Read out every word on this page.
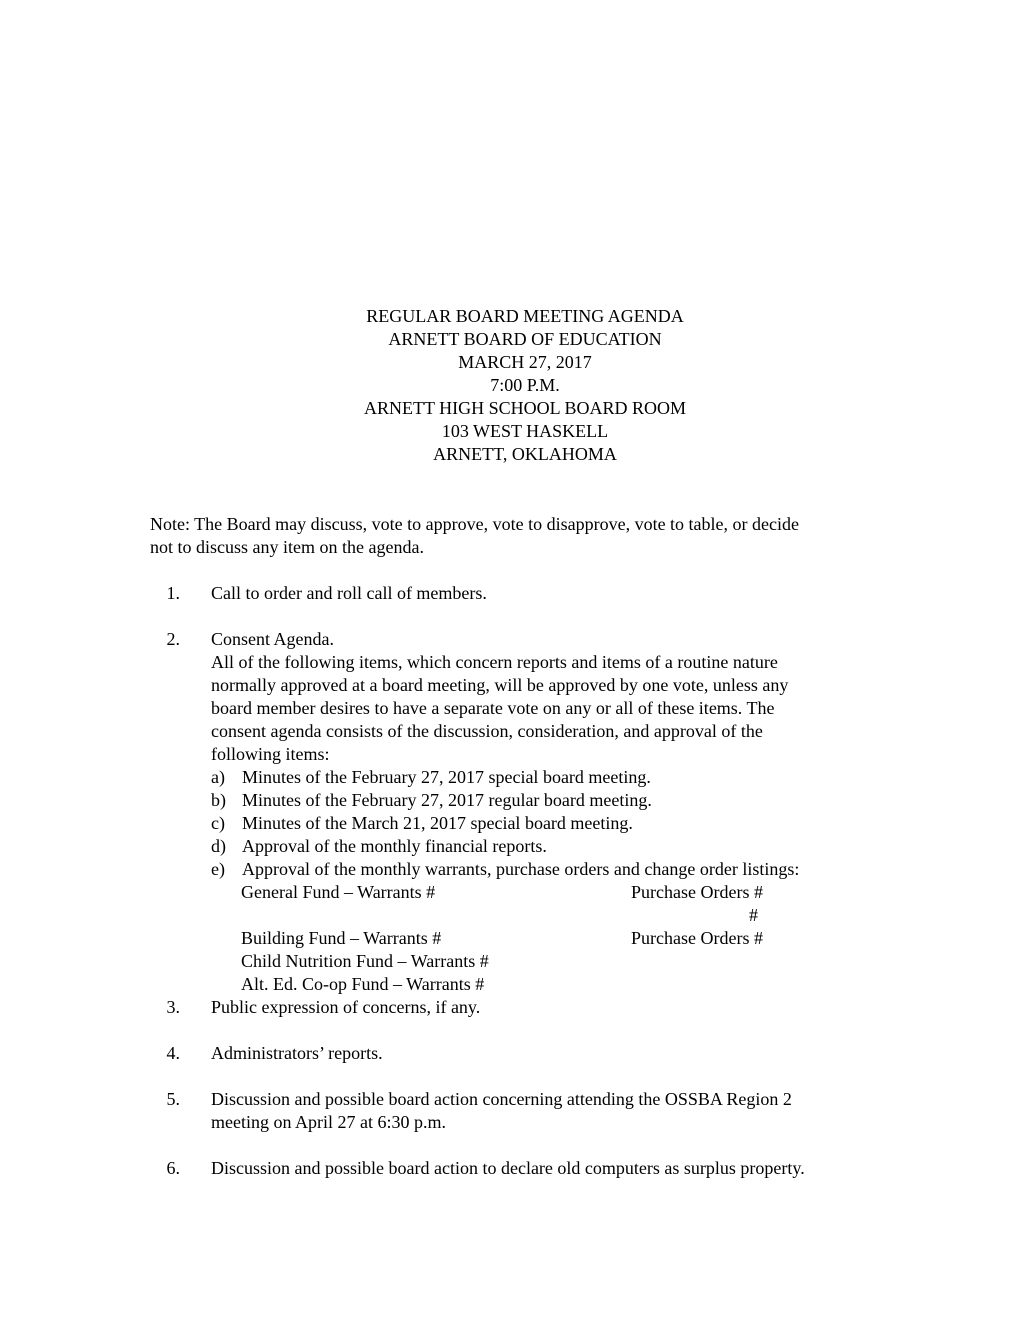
REGULAR BOARD MEETING AGENDA
ARNETT BOARD OF EDUCATION
MARCH 27, 2017
7:00 P.M.
ARNETT HIGH SCHOOL BOARD ROOM
103 WEST HASKELL
ARNETT, OKLAHOMA
Note: The Board may discuss, vote to approve, vote to disapprove, vote to table, or decide
not to discuss any item on the agenda.
1. Call to order and roll call of members.
2. Consent Agenda.
All of the following items, which concern reports and items of a routine nature
normally approved at a board meeting, will be approved by one vote, unless any
board member desires to have a separate vote on any or all of these items. The
consent agenda consists of the discussion, consideration, and approval of the
following items:
a) Minutes of the February 27, 2017 special board meeting.
b) Minutes of the February 27, 2017 regular board meeting.
c) Minutes of the March 21, 2017 special board meeting.
d) Approval of the monthly financial reports.
e) Approval of the monthly warrants, purchase orders and change order listings:
General Fund – Warrants #	Purchase Orders #
#
Building Fund – Warrants #	Purchase Orders #
Child Nutrition Fund – Warrants #
Alt. Ed. Co-op Fund – Warrants #
3. Public expression of concerns, if any.
4. Administrators’ reports.
5. Discussion and possible board action concerning attending the OSSBA Region 2
meeting on April 27 at 6:30 p.m.
6. Discussion and possible board action to declare old computers as surplus property.
